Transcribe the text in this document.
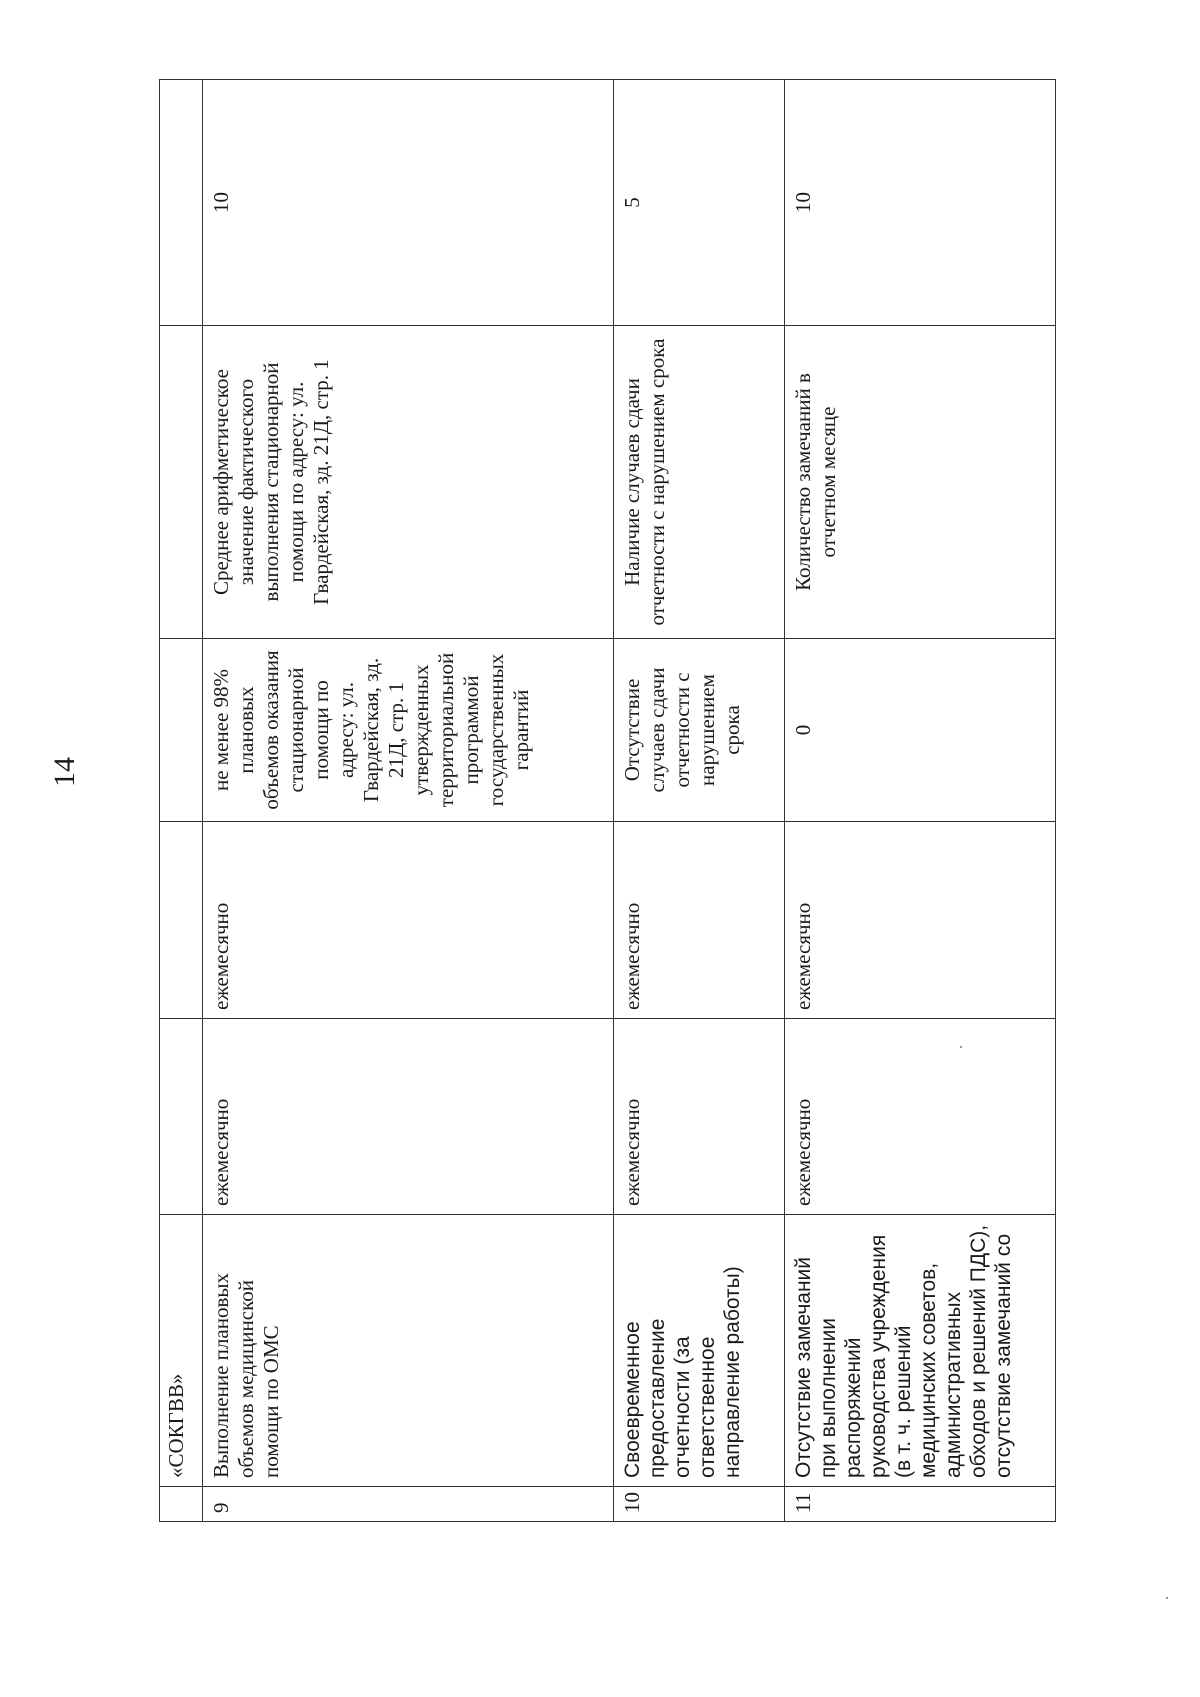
14
	«СОКГВВ»					
9	Выполнение плановых объемов медицинской помощи по ОМС	ежемесячно	ежемесячно	не менее 98% плановых объемов оказания стационарной помощи по адресу: ул. Гвардейская, зд. 21Д, стр. 1 утвержденных территориальной программой государственных гарантий	Среднее арифметическое значение фактического выполнения стационарной помощи по адресу: ул. Гвардейская, зд. 21Д, стр. 1	10
10	Своевременное предоставление отчетности (за ответственное направление работы)	ежемесячно	ежемесячно	Отсутствие случаев сдачи отчетности с нарушением срока	Наличие случаев сдачи отчетности с нарушением срока	5
11	Отсутствие замечаний при выполнении распоряжений руководства учреждения (в т. ч. решений медицинских советов, административных обходов и решений ПДС), отсутствие замечаний со	ежемесячно	ежемесячно	0	Количество замечаний в отчетном месяце	10
